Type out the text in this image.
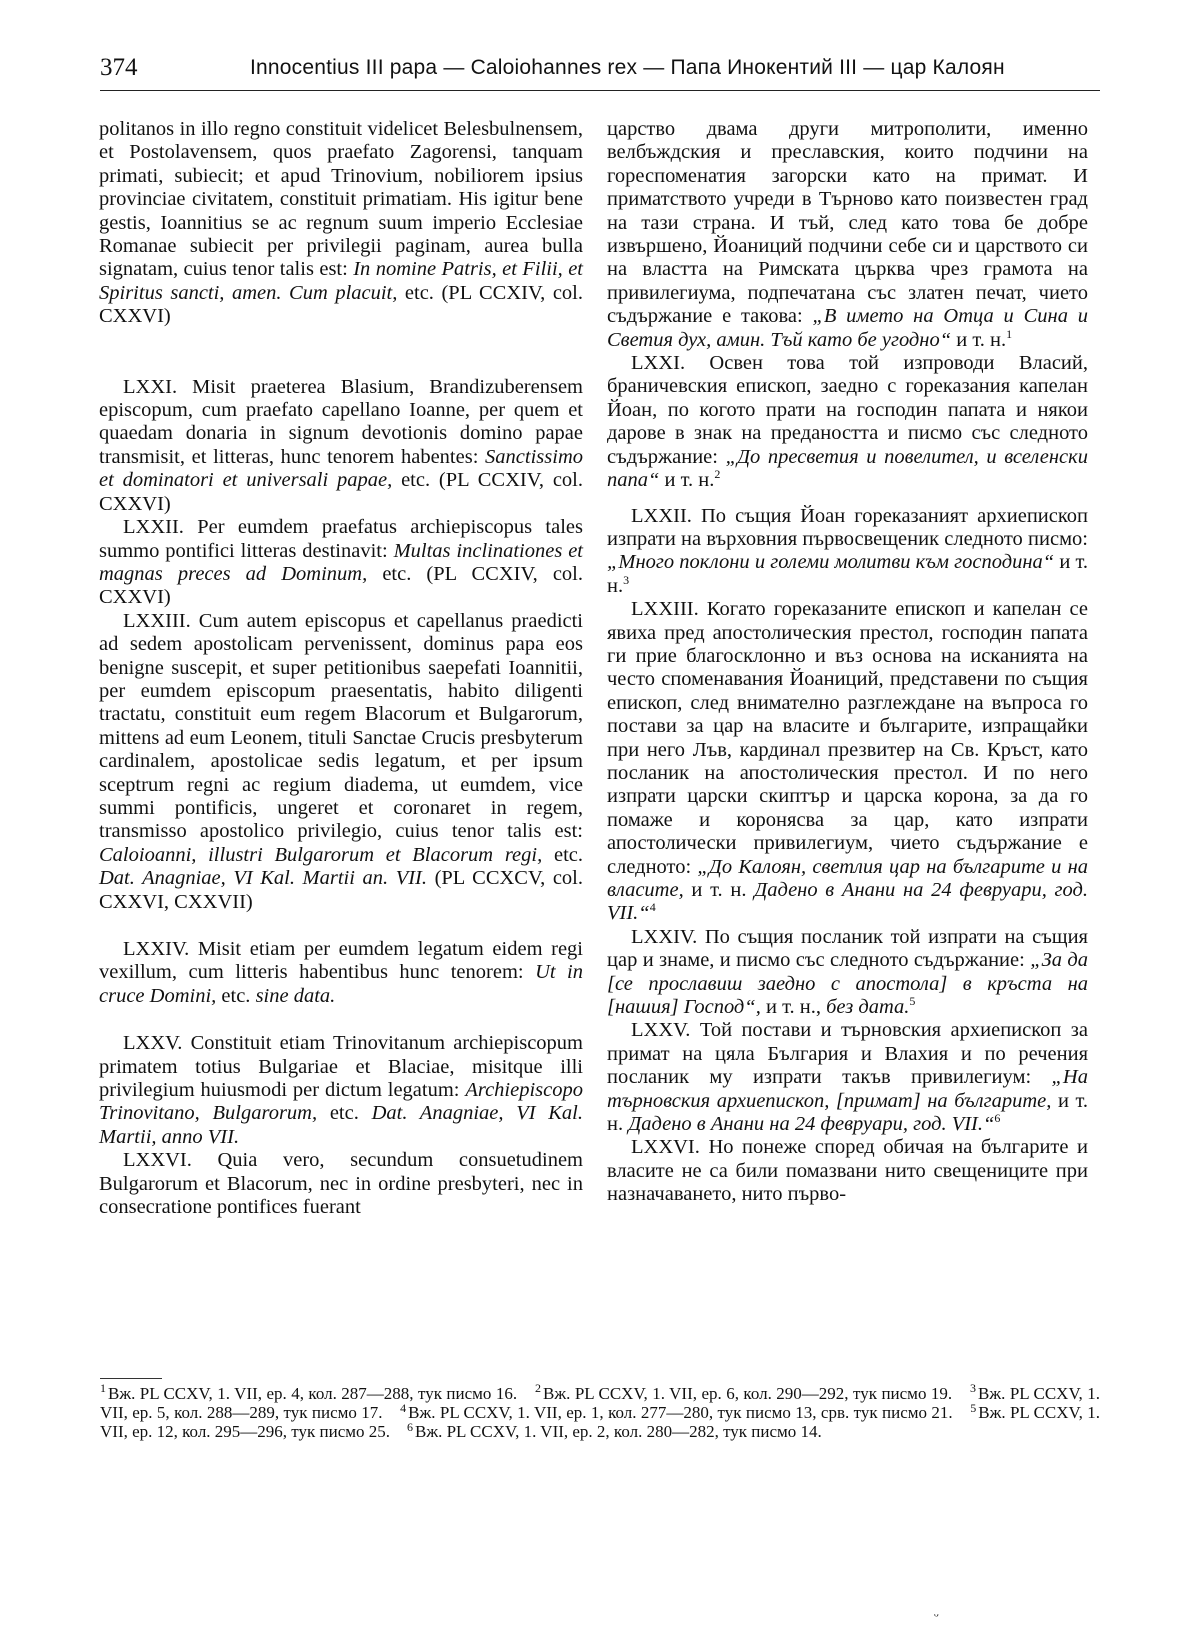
374	Innocentius III papa — Caloiohannes rex — Папа Инокентий III — цар Калоян

politanos in illo regno constituit videlicet Belesbulnensem, et Postolavensem, quos praefato Zagorensi, tanquam primati, subiecit; et apud Trinovium, nobiliorem ipsius provinciae civitatem, constituit primatiam. His igitur bene gestis, Ioannitius se ac regnum suum imperio Ecclesiae Romanae subiecit per privilegii paginam, aurea bulla signatam, cuius tenor talis est: In nomine Patris, et Filii, et Spiritus sancti, amen. Cum placuit, etc. (PL CCXIV, col. CXXVI)

LXXI. Misit praeterea Blasium, Brandizuberensem episcopum, cum praefato capellano Ioanne, per quem et quaedam donaria in signum devotionis domino papae transmisit, et litteras, hunc tenorem habentes: Sanctissimo et dominatori et universali papae, etc. (PL CCXIV, col. CXXVI)

LXXII. Per eumdem praefatus archiepiscopus tales summo pontifici litteras destinavit: Multas inclinationes et magnas preces ad Dominum, etc. (PL CCXIV, col. CXXVI)

LXXIII. Cum autem episcopus et capellanus praedicti ad sedem apostolicam pervenissent, dominus papa eos benigne suscepit, et super petitionibus saepefati Ioannitii, per eumdem episcopum praesentatis, habito diligenti tractatu, constituit eum regem Blacorum et Bulgarorum, mittens ad eum Leonem, tituli Sanctae Crucis presbyterum cardinalem, apostolicae sedis legatum, et per ipsum sceptrum regni ac regium diadema, ut eumdem, vice summi pontificis, ungeret et coronaret in regem, transmisso apostolico privilegio, cuius tenor talis est: Caloioanni, illustri Bulgarorum et Blacorum regi, etc. Dat. Anagniae, VI Kal. Martii an. VII. (PL CCXCV, col. CXXVI, CXXVII)

LXXIV. Misit etiam per eumdem legatum eidem regi vexillum, cum litteris habentibus hunc tenorem: Ut in cruce Domini, etc. sine data.

LXXV. Constituit etiam Trinovitanum archiepiscopum primatem totius Bulgariae et Blaciae, misitque illi privilegium huiusmodi per dictum legatum: Archiepiscopo Trinovitano, Bulgarorum, etc. Dat. Anagniae, VI Kal. Martii, anno VII.

LXXVI. Quia vero, secundum consuetudinem Bulgarorum et Blacorum, nec in ordine presbyteri, nec in consecratione pontifices fuerant

царство двама други митрополити, именно велбъждския и преславския, които подчини на гореспоменатия загорски като на примат. И приматството учреди в Търново като поизвестен град на тази страна. И тъй, след като това бе добре извършено, Йоаниций подчини себе си и царството си на властта на Римската църква чрез грамота на привилегиума, подпечатана със златен печат, чието съдържание е такова: „В името на Отца и Сина и Светия дух, амин. Тъй като бе угодно“ и т. н.$^1$

LXXI. Освен това той изпроводи Власий, браничевския епископ, заедно с гореказания капелан Йоан, по когото прати на господин папата и някои дарове в знак на предаността и писмо със следното съдържание: „До пресветия и повелител, и вселенски папа“ и т. н.$^2$

LXXII. По същия Йоан гореказаният архиепископ изпрати на върховния първосвещеник следното писмо: „Много поклони и големи молитви към господина“ и т. н.$^3$

LXXIII. Когато гореказаните епископ и капелан се явиха пред апостолическия престол, господин папата ги прие благосклонно и въз основа на исканията на често споменавания Йоаниций, представени по същия епископ, след внимателно разглеждане на въпроса го постави за цар на власите и българите, изпращайки при него Лъв, кардинал презвитер на Св. Кръст, като посланик на апостолическия престол. И по него изпрати царски скиптър и царска корона, за да го помаже и коронясва за цар, като изпрати апостолически привилегиум, чието съдържание е следното: „До Калоян, светлия цар на българите и на власите, и т. н. Дадено в Анани на 24 февруари, год. VII.“$^4$

LXXIV. По същия посланик той изпрати на същия цар и знаме, и писмо със следното съдържание: „За да [се прославиш заедно с апостола] в кръста на [нашия] Господ“, и т. н., без дата.$^5$

LXXV. Той постави и търновския архиепископ за примат на цяла България и Влахия и по речения посланик му изпрати такъв привилегиум: „На търновския архиепископ, [примат] на българите, и т. н. Дадено в Анани на 24 февруари, год. VII.“$^6$

LXXVI. Но понеже според обичая на българите и власите не са били помазвани нито свещениците при назначаването, нито първо-

$^1$ Вж. PL CCXV, 1. VII, ер. 4, кол. 287—288, тук писмо 16. $^2$ Вж. PL CCXV, 1. VII, ер. 6, кол. 290—292, тук писмо 19. $^3$ Вж. PL CCXV, 1. VII, ер. 5, кол. 288—289, тук писмо 17. $^4$ Вж. PL CCXV, 1. VII, ер. 1, кол. 277—280, тук писмо 13, срв. тук писмо 21. $^5$ Вж. PL CCXV, 1. VII, ер. 12, кол. 295—296, тук писмо 25. $^6$ Вж. PL CCXV, 1. VII, ер. 2, кол. 280—282, тук писмо 14.
ᵕ
